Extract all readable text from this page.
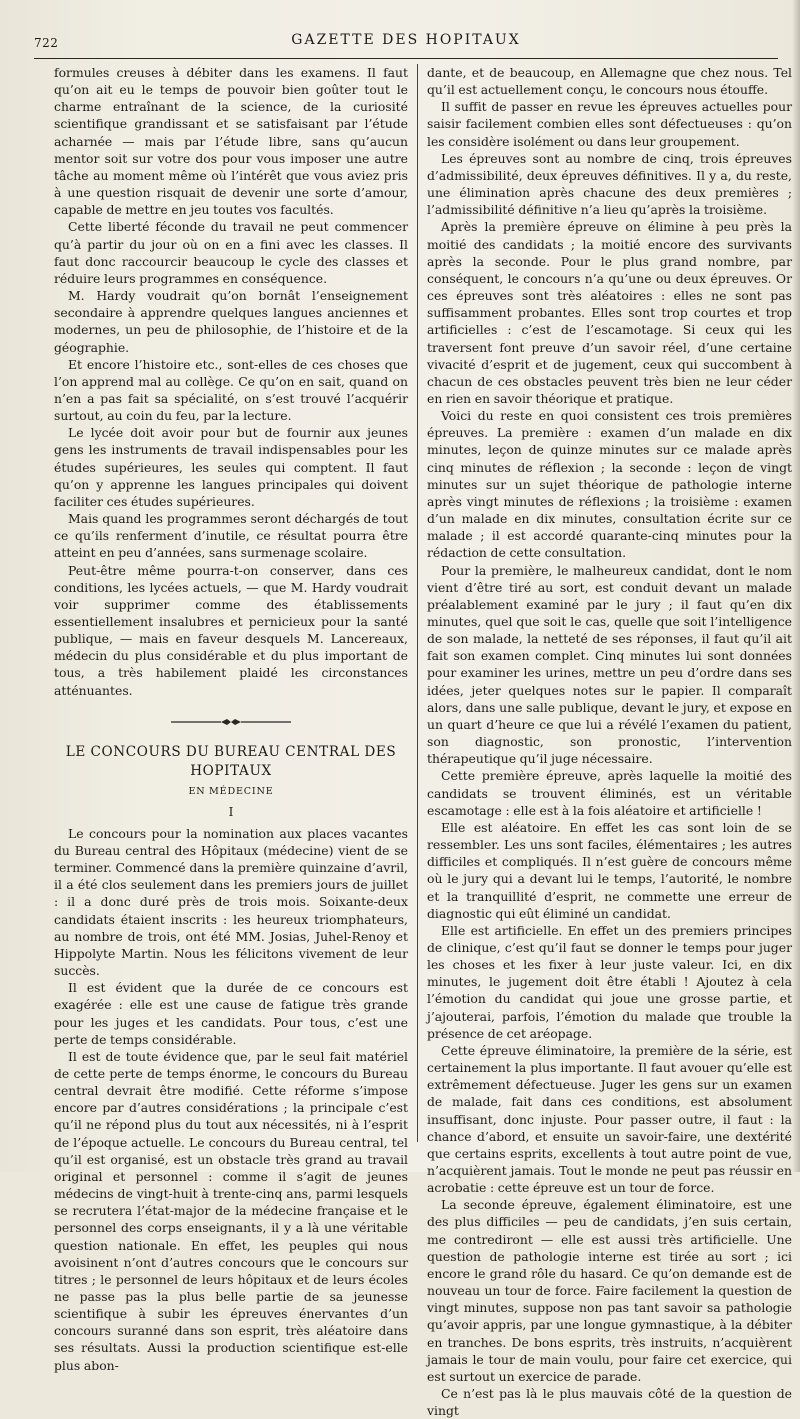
722	GAZETTE DES HOPITAUX

formules creuses à débiter dans les examens. Il faut qu’on ait eu le temps de pouvoir bien goûter tout le charme entraînant de la science, de la curiosité scientifique grandissant et se satisfaisant par l’étude acharnée — mais par l’étude libre, sans qu’aucun mentor soit sur votre dos pour vous imposer une autre tâche au moment même où l’intérêt que vous aviez pris à une question risquait de devenir une sorte d’amour, capable de mettre en jeu toutes vos facultés.

Cette liberté féconde du travail ne peut commencer qu’à partir du jour où on en a fini avec les classes. Il faut donc raccourcir beaucoup le cycle des classes et réduire leurs programmes en conséquence.

M. Hardy voudrait qu’on bornât l’enseignement secondaire à apprendre quelques langues anciennes et modernes, un peu de philosophie, de l’histoire et de la géographie.

Et encore l’histoire etc., sont-elles de ces choses que l’on apprend mal au collège. Ce qu’on en sait, quand on n’en a pas fait sa spécialité, on s’est trouvé l’acquérir surtout, au coin du feu, par la lecture.

Le lycée doit avoir pour but de fournir aux jeunes gens les instruments de travail indispensables pour les études supérieures, les seules qui comptent. Il faut qu’on y apprenne les langues principales qui doivent faciliter ces études supérieures.

Mais quand les programmes seront déchargés de tout ce qu’ils renferment d’inutile, ce résultat pourra être atteint en peu d’années, sans surmenage scolaire.

Peut-être même pourra-t-on conserver, dans ces conditions, les lycées actuels, — que M. Hardy voudrait voir supprimer comme des établissements essentiellement insalubres et pernicieux pour la santé publique, — mais en faveur desquels M. Lancereaux, médecin du plus considérable et du plus important de tous, a très habilement plaidé les circonstances atténuantes.

LE CONCOURS DU BUREAU CENTRAL DES HOPITAUX
EN MÉDECINE
I

Le concours pour la nomination aux places vacantes du Bureau central des Hôpitaux (médecine) vient de se terminer. Commencé dans la première quinzaine d’avril, il a été clos seulement dans les premiers jours de juillet : il a donc duré près de trois mois. Soixante-deux candidats étaient inscrits : les heureux triomphateurs, au nombre de trois, ont été MM. Josias, Juhel-Renoy et Hippolyte Martin. Nous les félicitons vivement de leur succès.

Il est évident que la durée de ce concours est exagérée : elle est une cause de fatigue très grande pour les juges et les candidats. Pour tous, c’est une perte de temps considérable.

Il est de toute évidence que, par le seul fait matériel de cette perte de temps énorme, le concours du Bureau central devrait être modifié. Cette réforme s’impose encore par d’autres considérations ; la principale c’est qu’il ne répond plus du tout aux nécessités, ni à l’esprit de l’époque actuelle. Le concours du Bureau central, tel qu’il est organisé, est un obstacle très grand au travail original et personnel : comme il s’agit de jeunes médecins de vingt-huit à trente-cinq ans, parmi lesquels se recrutera l’état-major de la médecine française et le personnel des corps enseignants, il y a là une véritable question nationale. En effet, les peuples qui nous avoisinent n’ont d’autres concours que le concours sur titres ; le personnel de leurs hôpitaux et de leurs écoles ne passe pas la plus belle partie de sa jeunesse scientifique à subir les épreuves énervantes d’un concours suranné dans son esprit, très aléatoire dans ses résultats. Aussi la production scientifique est-elle plus abon-

dante, et de beaucoup, en Allemagne que chez nous. Tel qu’il est actuellement conçu, le concours nous étouffe.

Il suffit de passer en revue les épreuves actuelles pour saisir facilement combien elles sont défectueuses : qu’on les considère isolément ou dans leur groupement.

Les épreuves sont au nombre de cinq, trois épreuves d’admissibilité, deux épreuves définitives. Il y a, du reste, une élimination après chacune des deux premières ; l’admissibilité définitive n’a lieu qu’après la troisième.

Après la première épreuve on élimine à peu près la moitié des candidats ; la moitié encore des survivants après la seconde. Pour le plus grand nombre, par conséquent, le concours n’a qu’une ou deux épreuves. Or ces épreuves sont très aléatoires : elles ne sont pas suffisamment probantes. Elles sont trop courtes et trop artificielles : c’est de l’escamotage. Si ceux qui les traversent font preuve d’un savoir réel, d’une certaine vivacité d’esprit et de jugement, ceux qui succombent à chacun de ces obstacles peuvent très bien ne leur céder en rien en savoir théorique et pratique.

Voici du reste en quoi consistent ces trois premières épreuves. La première : examen d’un malade en dix minutes, leçon de quinze minutes sur ce malade après cinq minutes de réflexion ; la seconde : leçon de vingt minutes sur un sujet théorique de pathologie interne après vingt minutes de réflexions ; la troisième : examen d’un malade en dix minutes, consultation écrite sur ce malade ; il est accordé quarante-cinq minutes pour la rédaction de cette consultation.

Pour la première, le malheureux candidat, dont le nom vient d’être tiré au sort, est conduit devant un malade préalablement examiné par le jury ; il faut qu’en dix minutes, quel que soit le cas, quelle que soit l’intelligence de son malade, la netteté de ses réponses, il faut qu’il ait fait son examen complet. Cinq minutes lui sont données pour examiner les urines, mettre un peu d’ordre dans ses idées, jeter quelques notes sur le papier. Il comparaît alors, dans une salle publique, devant le jury, et expose en un quart d’heure ce que lui a révélé l’examen du patient, son diagnostic, son pronostic, l’intervention thérapeutique qu’il juge nécessaire.

Cette première épreuve, après laquelle la moitié des candidats se trouvent éliminés, est un véritable escamotage : elle est à la fois aléatoire et artificielle !

Elle est aléatoire. En effet les cas sont loin de se ressembler. Les uns sont faciles, élémentaires ; les autres difficiles et compliqués. Il n’est guère de concours même où le jury qui a devant lui le temps, l’autorité, le nombre et la tranquillité d’esprit, ne commette une erreur de diagnostic qui eût éliminé un candidat.

Elle est artificielle. En effet un des premiers principes de clinique, c’est qu’il faut se donner le temps pour juger les choses et les fixer à leur juste valeur. Ici, en dix minutes, le jugement doit être établi ! Ajoutez à cela l’émotion du candidat qui joue une grosse partie, et j’ajouterai, parfois, l’émotion du malade que trouble la présence de cet aréopage.

Cette épreuve éliminatoire, la première de la série, est certainement la plus importante. Il faut avouer qu’elle est extrêmement défectueuse. Juger les gens sur un examen de malade, fait dans ces conditions, est absolument insuffisant, donc injuste. Pour passer outre, il faut : la chance d’abord, et ensuite un savoir-faire, une dextérité que certains esprits, excellents à tout autre point de vue, n’acquièrent jamais. Tout le monde ne peut pas réussir en acrobatie : cette épreuve est un tour de force.

La seconde épreuve, également éliminatoire, est une des plus difficiles — peu de candidats, j’en suis certain, me contrediront — elle est aussi très artificielle. Une question de pathologie interne est tirée au sort ; ici encore le grand rôle du hasard. Ce qu’on demande est de nouveau un tour de force. Faire facilement la question de vingt minutes, suppose non pas tant savoir sa pathologie qu’avoir appris, par une longue gymnastique, à la débiter en tranches. De bons esprits, très instruits, n’acquièrent jamais le tour de main voulu, pour faire cet exercice, qui est surtout un exercice de parade.

Ce n’est pas là le plus mauvais côté de la question de vingt
